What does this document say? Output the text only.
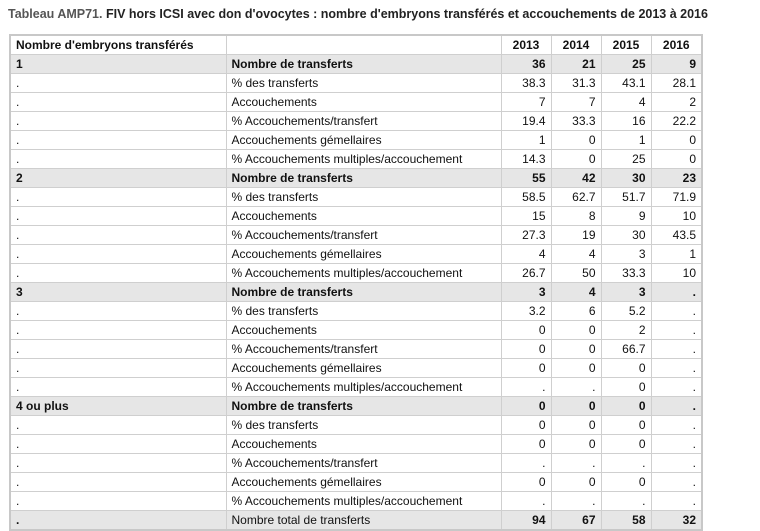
Tableau AMP71. FIV hors ICSI avec don d'ovocytes : nombre d'embryons transférés et accouchements de 2013 à 2016
Nombre d'embryons transférés		2013	2014	2015	2016
1	Nombre de transferts	36	21	25	9
.	% des transferts	38.3	31.3	43.1	28.1
.	Accouchements	7	7	4	2
.	% Accouchements/transfert	19.4	33.3	16	22.2
.	Accouchements gémellaires	1	0	1	0
.	% Accouchements multiples/accouchement	14.3	0	25	0
2	Nombre de transferts	55	42	30	23
.	% des transferts	58.5	62.7	51.7	71.9
.	Accouchements	15	8	9	10
.	% Accouchements/transfert	27.3	19	30	43.5
.	Accouchements gémellaires	4	4	3	1
.	% Accouchements multiples/accouchement	26.7	50	33.3	10
3	Nombre de transferts	3	4	3	.
.	% des transferts	3.2	6	5.2	.
.	Accouchements	0	0	2	.
.	% Accouchements/transfert	0	0	66.7	.
.	Accouchements gémellaires	0	0	0	.
.	% Accouchements multiples/accouchement	.	.	0	.
4 ou plus	Nombre de transferts	0	0	0	.
.	% des transferts	0	0	0	.
.	Accouchements	0	0	0	.
.	% Accouchements/transfert	.	.	.	.
.	Accouchements gémellaires	0	0	0	.
.	% Accouchements multiples/accouchement	.	.	.	.
.	Nombre total de transferts	94	67	58	32
